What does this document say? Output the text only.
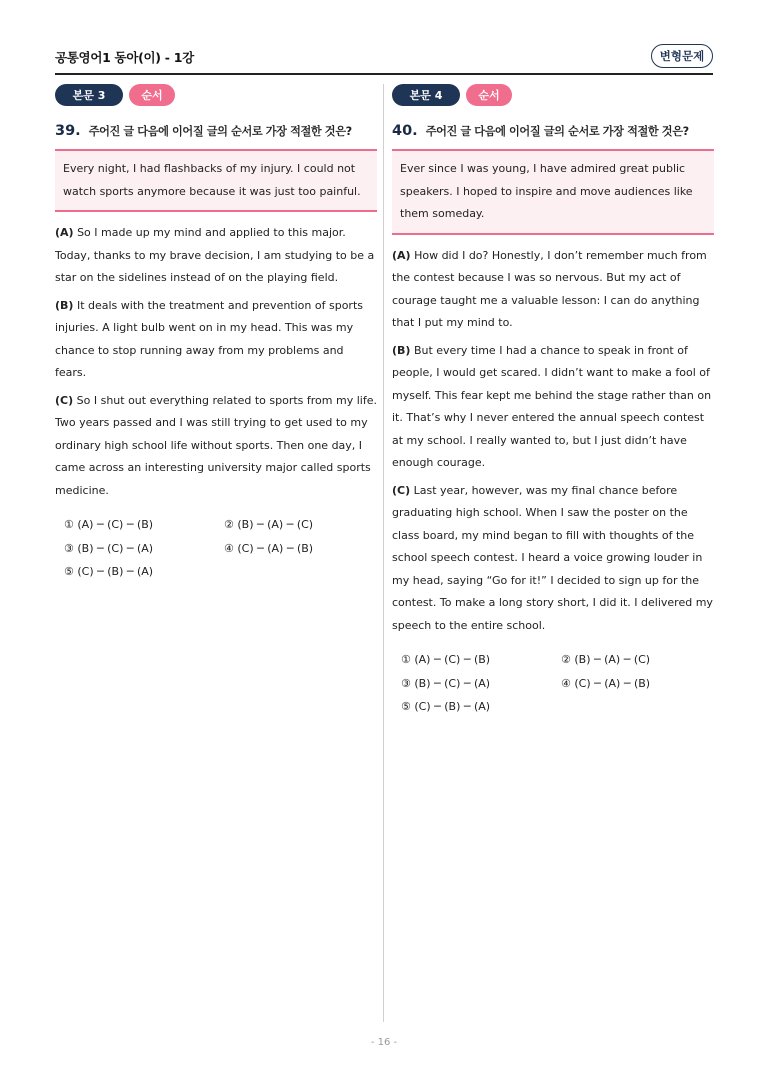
공통영어1 동아(이) - 1강	변형문제
본문 3	순서
39. 주어진 글 다음에 이어질 글의 순서로 가장 적절한 것은?
Every night, I had flashbacks of my injury. I could not watch sports anymore because it was just too painful.
(A) So I made up my mind and applied to this major. Today, thanks to my brave decision, I am studying to be a star on the sidelines instead of on the playing field.
(B) It deals with the treatment and prevention of sports injuries. A light bulb went on in my head. This was my chance to stop running away from my problems and fears.
(C) So I shut out everything related to sports from my life. Two years passed and I was still trying to get used to my ordinary high school life without sports. Then one day, I came across an interesting university major called sports medicine.
① (A) ─ (C) ─ (B)	② (B) ─ (A) ─ (C)
③ (B) ─ (C) ─ (A)	④ (C) ─ (A) ─ (B)
⑤ (C) ─ (B) ─ (A)
본문 4	순서
40. 주어진 글 다음에 이어질 글의 순서로 가장 적절한 것은?
Ever since I was young, I have admired great public speakers. I hoped to inspire and move audiences like them someday.
(A) How did I do? Honestly, I don’t remember much from the contest because I was so nervous. But my act of courage taught me a valuable lesson: I can do anything that I put my mind to.
(B) But every time I had a chance to speak in front of people, I would get scared. I didn’t want to make a fool of myself. This fear kept me behind the stage rather than on it. That’s why I never entered the annual speech contest at my school. I really wanted to, but I just didn’t have enough courage.
(C) Last year, however, was my final chance before graduating high school. When I saw the poster on the class board, my mind began to fill with thoughts of the school speech contest. I heard a voice growing louder in my head, saying “Go for it!” I decided to sign up for the contest. To make a long story short, I did it. I delivered my speech to the entire school.
① (A) ─ (C) ─ (B)	② (B) ─ (A) ─ (C)
③ (B) ─ (C) ─ (A)	④ (C) ─ (A) ─ (B)
⑤ (C) ─ (B) ─ (A)
- 16 -
